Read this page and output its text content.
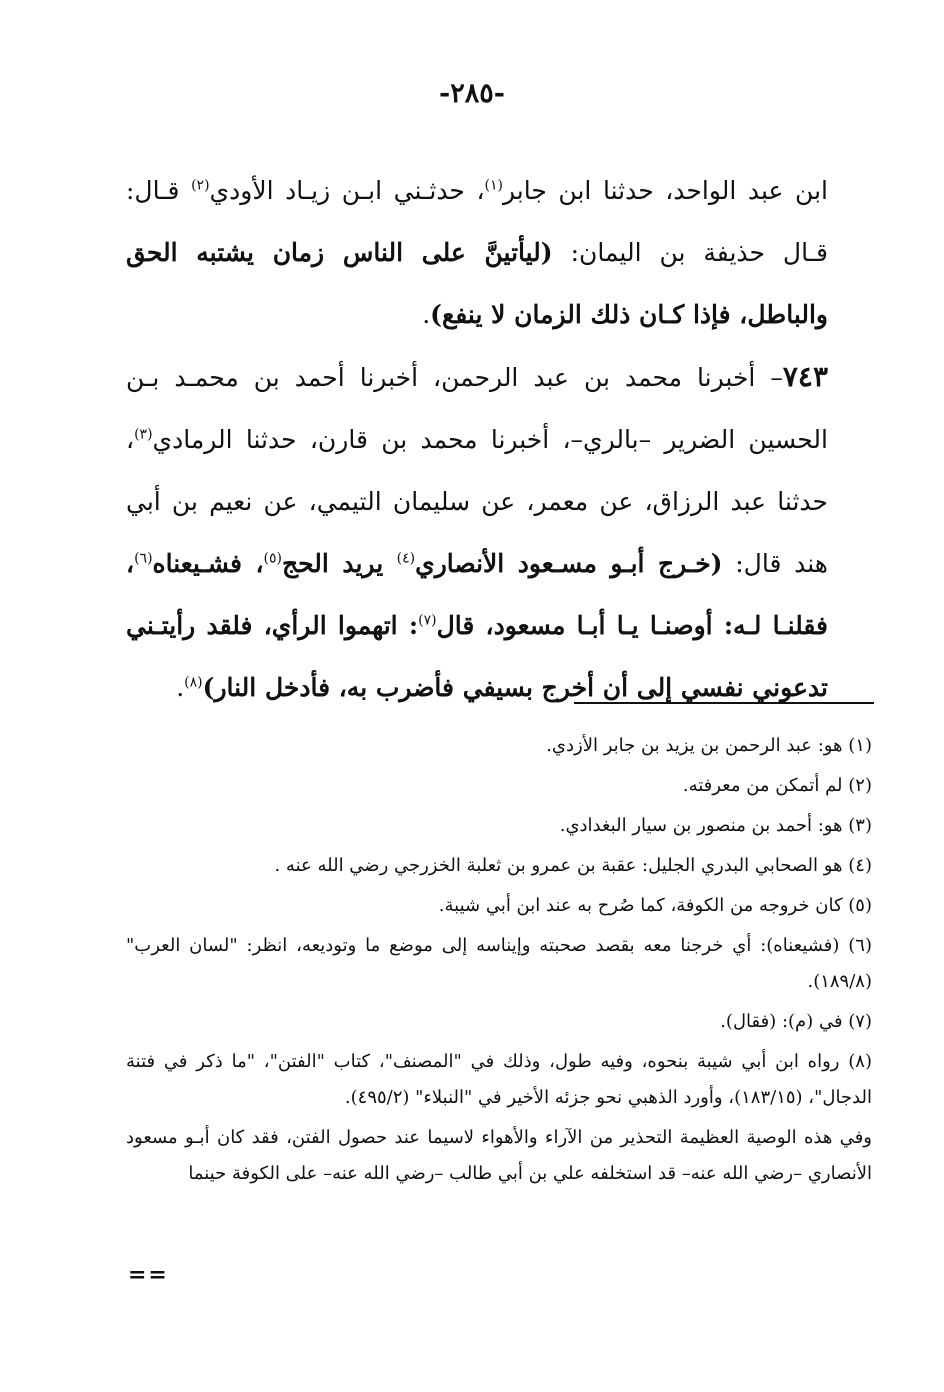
-٢٨٥-

ابن عبد الواحد، حدثنا ابن جابر$^{(١)}$، حدثـني ابـن زيـاد الأودي$^{(٢)}$ قـال: قـال حذيفة بن اليمان: (ليأتينَّ على الناس زمان يشتبه الحق والباطل، فإذا كـان ذلك الزمان لا ينفع).

٧٤٣– أخبرنا محمد بن عبد الرحمن، أخبرنا أحمد بن محمـد بـن الحسين الضرير –بالري–، أخبرنا محمد بن قارن، حدثنا الرمادي$^{(٣)}$، حدثنا عبد الرزاق، عن معمر، عن سليمان التيمي، عن نعيم بن أبي هند قال: (خـرج أبـو مسـعود الأنصاري$^{(٤)}$ يريد الحج$^{(٥)}$، فشـيعناه$^{(٦)}$، فقلنـا لـه: أوصنـا يـا أبـا مسعود، قال$^{(٧)}$: اتهموا الرأي، فلقد رأيتـني تدعوني نفسي إلى أن أخرج بسيفي فأضرب به، فأدخل النار)$^{(٨)}$.

(١) هو: عبد الرحمن بن يزيد بن جابر الأزدي.

(٢) لم أتمكن من معرفته.

(٣) هو: أحمد بن منصور بن سيار البغدادي.

(٤) هو الصحابي البدري الجليل: عقبة بن عمرو بن ثعلبة الخزرجي رضي الله عنه .

(٥) كان خروجه من الكوفة، كما صُرح به عند ابن أبي شيبة.

(٦) (فشيعناه): أي خرجنا معه بقصد صحبته وإيناسه إلى موضع ما وتوديعه، انظر: "لسان العرب" (١٨٩/٨).

(٧) في (م): (فقال).

(٨) رواه ابن أبي شيبة بنحوه، وفيه طول، وذلك في "المصنف"، كتاب "الفتن"، "ما ذكر في فتنة الدجال"، (١٨٣/١٥)، وأورد الذهبي نحو جزئه الأخير في "النبلاء" (٤٩٥/٢).

وفي هذه الوصية العظيمة التحذير من الآراء والأهواء لاسيما عند حصول الفتن، فقد كان أبـو مسعود الأنصاري –رضي الله عنه– قد استخلفه علي بن أبي طالب –رضي الله عنه– على الكوفة حينما

==
